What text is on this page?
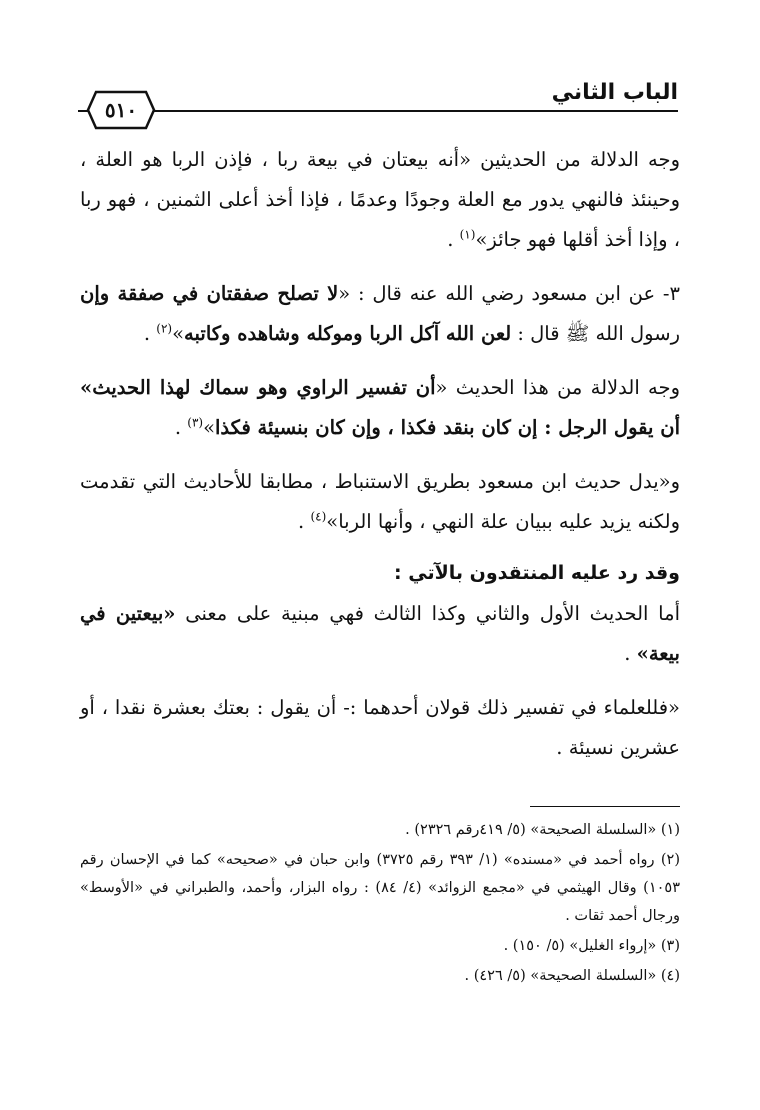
الباب الثاني
٥١٠

وجه الدلالة من الحديثين «أنه بيعتان في بيعة ربا ، فإذن الربا هو العلة ، وحينئذ فالنهي يدور مع العلة وجودًا وعدمًا ، فإذا أخذ أعلى الثمنين ، فهو ربا ، وإذا أخذ أقلها فهو جائز»$^{(١)}$ .

٣- عن ابن مسعود رضي الله عنه قال : «لا تصلح صفقتان في صفقة وإن رسول الله ﷺ قال : لعن الله آكل الربا وموكله وشاهده وكاتبه»$^{(٢)}$ .

وجه الدلالة من هذا الحديث «أن تفسير الراوي وهو سماك لهذا الحديث» أن يقول الرجل : إن كان بنقد فكذا ، وإن كان بنسيئة فكذا»$^{(٣)}$ .

و«يدل حديث ابن مسعود بطريق الاستنباط ، مطابقا للأحاديث التي تقدمت ولكنه يزيد عليه ببيان علة النهي ، وأنها الربا»$^{(٤)}$ .

وقد رد عليه المنتقدون بالآتي :

أما الحديث الأول والثاني وكذا الثالث فهي مبنية على معنى «بيعتين في بيعة» .

«فللعلماء في تفسير ذلك قولان أحدهما :- أن يقول : بعتك بعشرة نقدا ، أو عشرين نسيئة .

(١) «السلسلة الصحيحة» (٥/ ٤١٩رقم ٢٣٢٦) .

(٢) رواه أحمد في «مسنده» (١/ ٣٩٣ رقم ٣٧٢٥) وابن حبان في «صحيحه» كما في الإحسان رقم ١٠٥٣) وقال الهيثمي في «مجمع الزوائد» (٤/ ٨٤) : رواه البزار، وأحمد، والطبراني في «الأوسط» ورجال أحمد ثقات .

(٣) «إرواء الغليل» (٥/ ١٥٠) .

(٤) «السلسلة الصحيحة» (٥/ ٤٢٦) .
